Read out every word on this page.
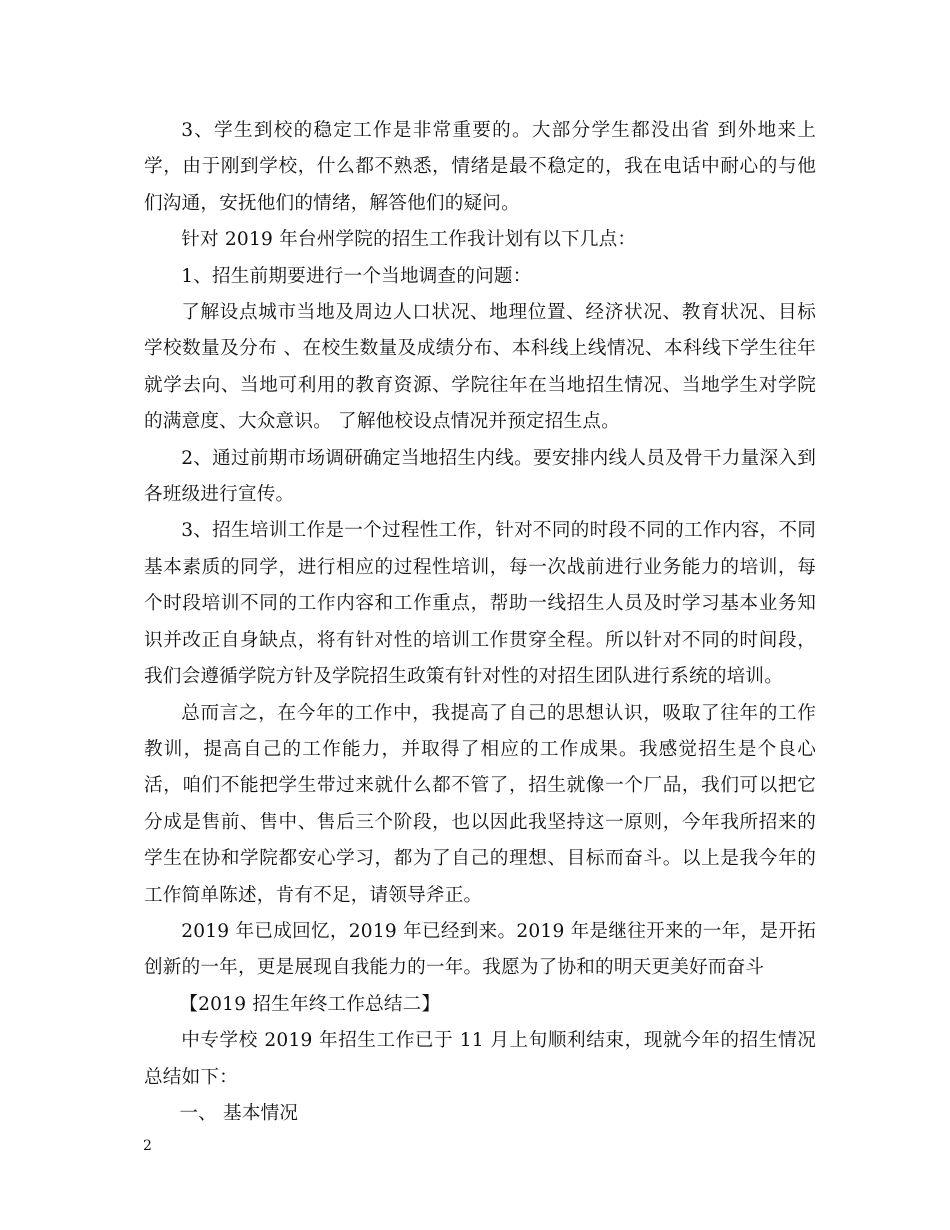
3、学生到校的稳定工作是非常重要的。大部分学生都没出省 到外地来上学，由于刚到学校，什么都不熟悉，情绪是最不稳定的，我在电话中耐心的与他们沟通，安抚他们的情绪，解答他们的疑问。

针对 2019 年台州学院的招生工作我计划有以下几点：

1、招生前期要进行一个当地调查的问题：

了解设点城市当地及周边人口状况、地理位置、经济状况、教育状况、目标学校数量及分布 、在校生数量及成绩分布、本科线上线情况、本科线下学生往年就学去向、当地可利用的教育资源、学院往年在当地招生情况、当地学生对学院的满意度、大众意识。 了解他校设点情况并预定招生点。

2、通过前期市场调研确定当地招生内线。要安排内线人员及骨干力量深入到各班级进行宣传。

3、招生培训工作是一个过程性工作，针对不同的时段不同的工作内容，不同基本素质的同学，进行相应的过程性培训，每一次战前进行业务能力的培训，每个时段培训不同的工作内容和工作重点，帮助一线招生人员及时学习基本业务知识并改正自身缺点，将有针对性的培训工作贯穿全程。所以针对不同的时间段，我们会遵循学院方针及学院招生政策有针对性的对招生团队进行系统的培训。

总而言之，在今年的工作中，我提高了自己的思想认识，吸取了往年的工作教训，提高自己的工作能力，并取得了相应的工作成果。我感觉招生是个良心活，咱们不能把学生带过来就什么都不管了，招生就像一个厂品，我们可以把它分成是售前、售中、售后三个阶段，也以因此我坚持这一原则，今年我所招来的学生在协和学院都安心学习，都为了自己的理想、目标而奋斗。以上是我今年的工作简单陈述，肯有不足，请领导斧正。

2019 年已成回忆，2019 年已经到来。2019 年是继往开来的一年，是开拓创新的一年，更是展现自我能力的一年。我愿为了协和的明天更美好而奋斗

【2019 招生年终工作总结二】

中专学校 2019 年招生工作已于 11 月上旬顺利结束，现就今年的招生情况总结如下：

一、 基本情况

2
